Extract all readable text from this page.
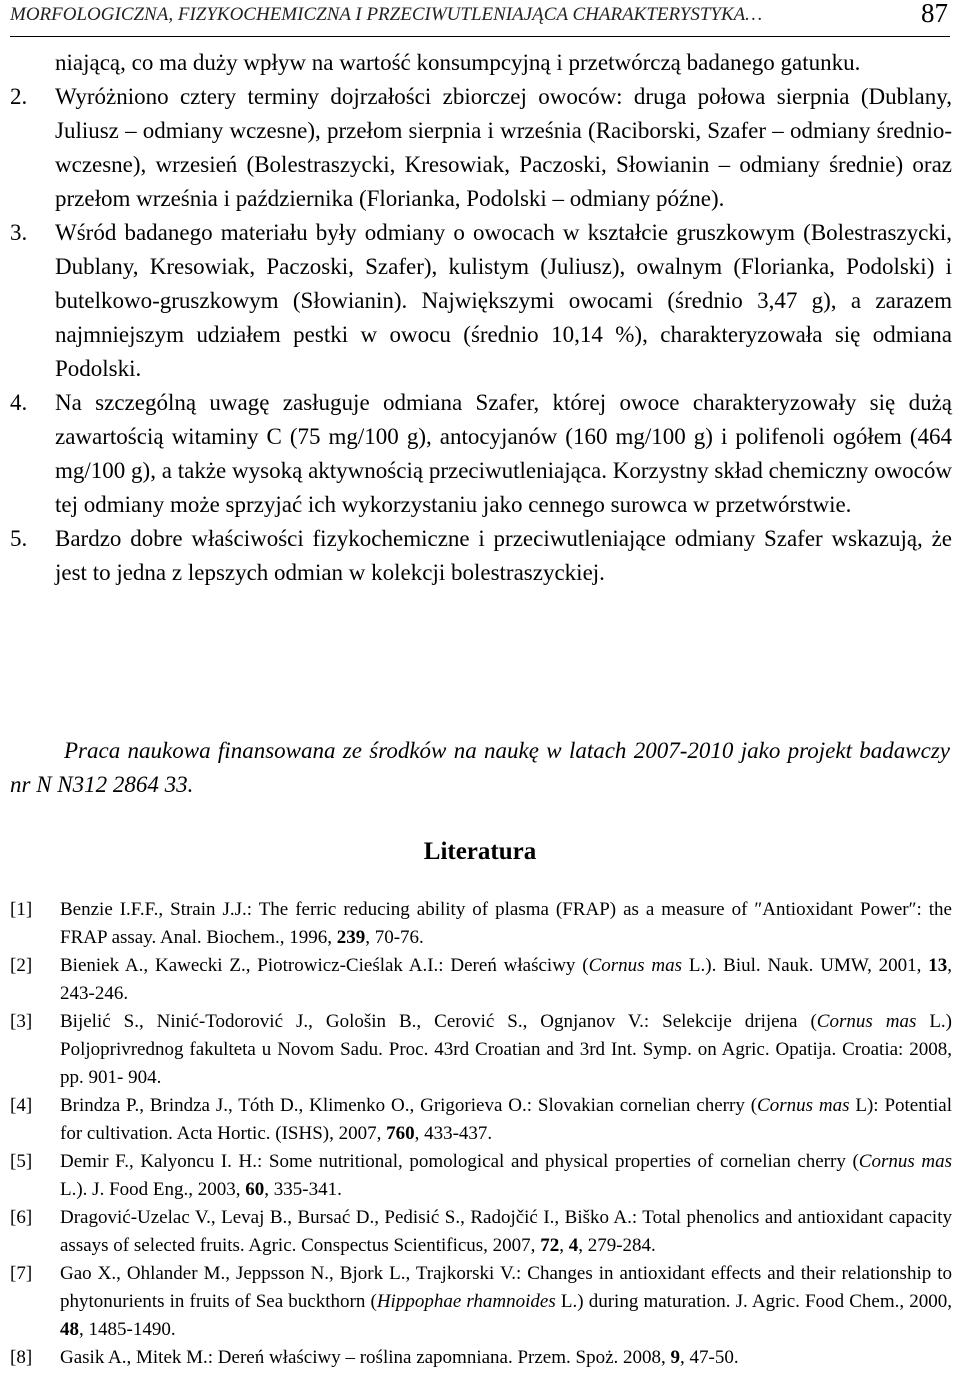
MORFOLOGICZNA, FIZYKOCHEMICZNA I PRZECIWUTLENIAJĄCA CHARAKTERYSTYKA…	87

niającą, co ma duży wpływ na wartość konsumpcyjną i przetwórczą badanego gatunku.

2. Wyróżniono cztery terminy dojrzałości zbiorczej owoców: druga połowa sierpnia (Dublany, Juliusz – odmiany wczesne), przełom sierpnia i września (Raciborski, Szafer – odmiany średnio-wczesne), wrzesień (Bolestraszycki, Kresowiak, Paczoski, Słowianin – odmiany średnie) oraz przełom września i października (Florianka, Podolski – odmiany późne).

3. Wśród badanego materiału były odmiany o owocach w kształcie gruszkowym (Bolestraszycki, Dublany, Kresowiak, Paczoski, Szafer), kulistym (Juliusz), owalnym (Florianka, Podolski) i butelkowo-gruszkowym (Słowianin). Największymi owocami (średnio 3,47 g), a zarazem najmniejszym udziałem pestki w owocu (średnio 10,14 %), charakteryzowała się odmiana Podolski.

4. Na szczególną uwagę zasługuje odmiana Szafer, której owoce charakteryzowały się dużą zawartością witaminy C (75 mg/100 g), antocyjanów (160 mg/100 g) i polifenoli ogółem (464 mg/100 g), a także wysoką aktywnością przeciwutleniająca. Korzystny skład chemiczny owoców tej odmiany może sprzyjać ich wykorzystaniu jako cennego surowca w przetwórstwie.

5. Bardzo dobre właściwości fizykochemiczne i przeciwutleniające odmiany Szafer wskazują, że jest to jedna z lepszych odmian w kolekcji bolestraszyckiej.

Praca naukowa finansowana ze środków na naukę w latach 2007-2010 jako projekt badawczy nr N N312 2864 33.
Literatura
[1] Benzie I.F.F., Strain J.J.: The ferric reducing ability of plasma (FRAP) as a measure of ″Antioxidant Power″: the FRAP assay. Anal. Biochem., 1996, 239, 70-76.
[2] Bieniek A., Kawecki Z., Piotrowicz-Cieślak A.I.: Dereń właściwy (Cornus mas L.). Biul. Nauk. UMW, 2001, 13, 243-246.
[3] Bijelić S., Ninić-Todorović J., Gološin B., Cerović S., Ognjanov V.: Selekcije drijena (Cornus mas L.) Poljoprivrednog fakulteta u Novom Sadu. Proc. 43rd Croatian and 3rd Int. Symp. on Agric. Opatija. Croatia: 2008, pp. 901- 904.
[4] Brindza P., Brindza J., Tóth D., Klimenko O., Grigorieva O.: Slovakian cornelian cherry (Cornus mas L): Potential for cultivation. Acta Hortic. (ISHS), 2007, 760, 433-437.
[5] Demir F., Kalyoncu I. H.: Some nutritional, pomological and physical properties of cornelian cherry (Cornus mas L.). J. Food Eng., 2003, 60, 335-341.
[6] Dragović-Uzelac V., Levaj B., Bursać D., Pedisić S., Radojčić I., Biško A.: Total phenolics and antioxidant capacity assays of selected fruits. Agric. Conspectus Scientificus, 2007, 72, 4, 279-284.
[7] Gao X., Ohlander M., Jeppsson N., Bjork L., Trajkorski V.: Changes in antioxidant effects and their relationship to phytonurients in fruits of Sea buckthorn (Hippophae rhamnoides L.) during maturation. J. Agric. Food Chem., 2000, 48, 1485-1490.
[8] Gasik A., Mitek M.: Dereń właściwy – roślina zapomniana. Przem. Spoż. 2008, 9, 47-50.
